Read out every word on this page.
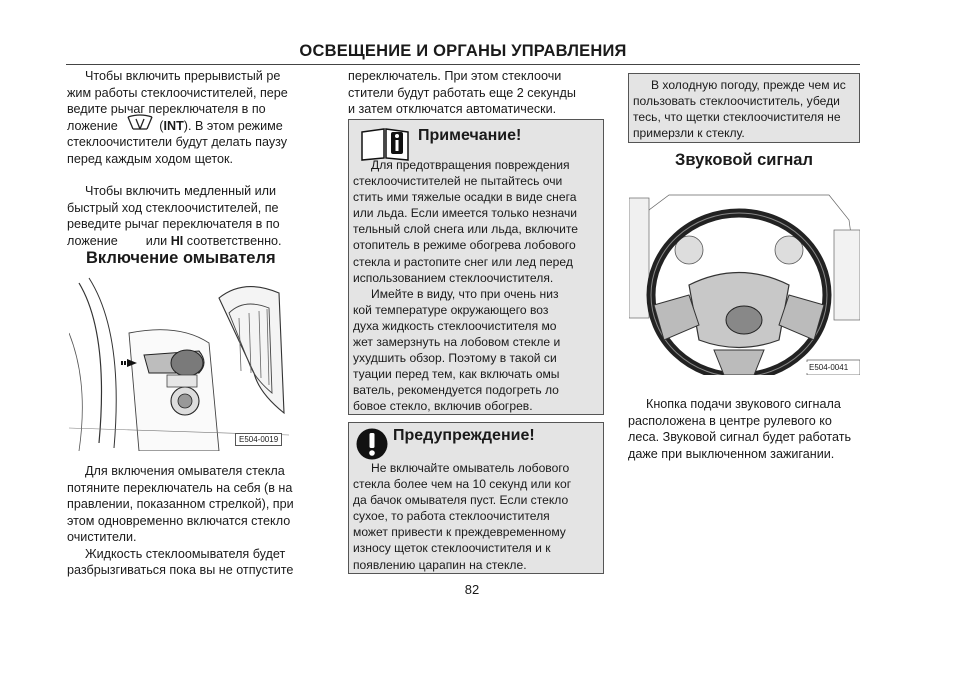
ОСВЕЩЕНИЕ И ОРГАНЫ УПРАВЛЕНИЯ

Чтобы включить прерывистый ре

жим работы стеклоочистителей, пере

ведите рычаг переключателя в по

ложение	(INT). В этом режиме

стеклоочистители будут делать паузу

перед каждым ходом щеток.

Чтобы включить медленный или

быстрый ход стеклоочистителей, пе

реведите рычаг переключателя в по

ложение или HI соответственно.

Включение омывателя
E504-0019

Для включения омывателя стекла

потяните переключатель на себя (в на

правлении, показанном стрелкой), при

этом одновременно включатся стекло

очистители.

Жидкость стеклоомывателя будет

разбрызгиваться пока вы не отпустите

переключатель. При этом стеклоочи

стители будут работать еще 2 секунды

и затем отключатся автоматически.

Примечание!

Для предотвращения повреждения

стеклоочистителей не пытайтесь очи

стить ими тяжелые осадки в виде снега

или льда. Если имеется только незначи

тельный слой снега или льда, включите

отопитель в режиме обогрева лобового

стекла и растопите снег или лед перед

использованием стеклоочистителя.

Имейте в виду, что при очень низ

кой температуре окружающего воз

духа жидкость стеклоочистителя мо

жет замерзнуть на лобовом стекле и

ухудшить обзор. Поэтому в такой си

туации перед тем, как включать омы

ватель, рекомендуется подогреть ло

бовое стекло, включив обогрев.

Предупреждение!

Не включайте омыватель лобового

стекла более чем на 10 секунд или ког

да бачок омывателя пуст. Если стекло

сухое, то работа стеклоочистителя

может привести к преждевременному

износу щеток стеклоочистителя и к

появлению царапин на стекле.

В холодную погоду, прежде чем ис

пользовать стеклоочиститель, убеди

тесь, что щетки стеклоочистителя не

примерзли к стеклу.

Звуковой сигнал
E504-0041

Кнопка подачи звукового сигнала

расположена в центре рулевого ко

леса. Звуковой сигнал будет работать

даже при выключенном зажигании.

82
